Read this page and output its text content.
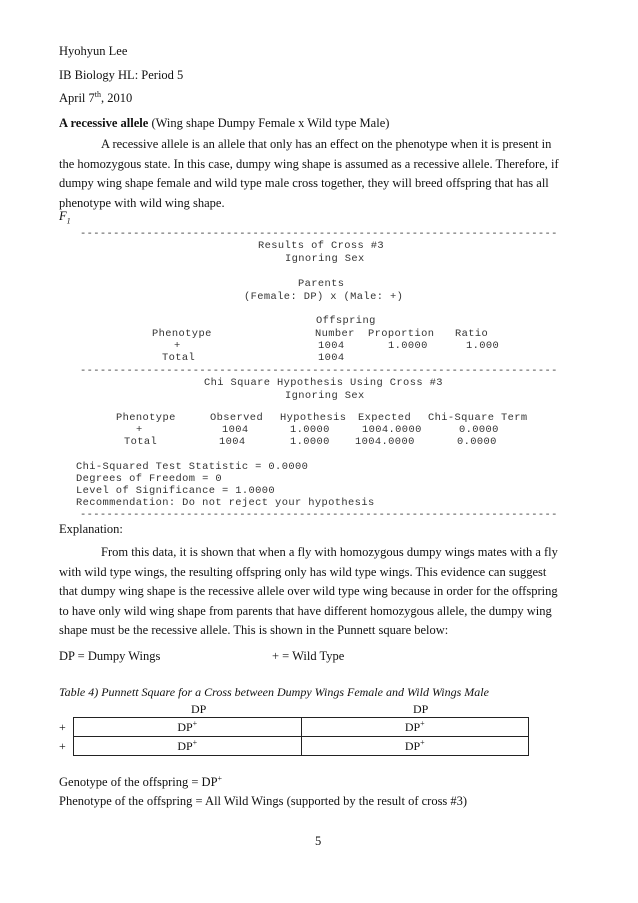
Hyohyun Lee
IB Biology HL: Period 5
April 7th, 2010
A recessive allele (Wing shape Dumpy Female x Wild type Male)

A recessive allele is an allele that only has an effect on the phenotype when it is present in

the homozygous state. In this case, dumpy wing shape is assumed as a recessive allele. Therefore, if

dumpy wing shape female and wild type male cross together, they will breed offspring that has all

phenotype with wild wing shape.

$F_1$
------------------------------------------------------------------------
Results of Cross #3
Ignoring Sex
Parents
(Female: DP) x (Male: +)
Offspring
Phenotype	Number Proportion Ratio
+	1004	1.0000	1.000
Total	1004
------------------------------------------------------------------------
Chi Square Hypothesis Using Cross #3
Ignoring Sex
Phenotype	Observed Hypothesis Expected Chi-Square Term
+	1004	1.0000	1004.0000	0.0000
Total	1004	1.0000 1004.0000	0.0000
Chi-Squared Test Statistic = 0.0000
Degrees of Freedom = 0
Level of Significance = 1.0000
Recommendation: Do not reject your hypothesis
------------------------------------------------------------------------
Explanation:

From this data, it is shown that when a fly with homozygous dumpy wings mates with a fly

with wild type wings, the resulting offspring only has wild type wings. This evidence can suggest

that dumpy wing shape is the recessive allele over wild type wing because in order for the offspring

to have only wild wing shape from parents that have different homozygous allele, the dumpy wing

shape must be the recessive allele. This is shown in the Punnett square below:

DP = Dumpy Wings	+ = Wild Type
Table 4) Punnett Square for a Cross between Dumpy Wings Female and Wild Wings Male
DP	DP
+	DP+	DP+
+	DP+	DP+
Genotype of the offspring = DP+
Phenotype of the offspring = All Wild Wings (supported by the result of cross #3)
5
